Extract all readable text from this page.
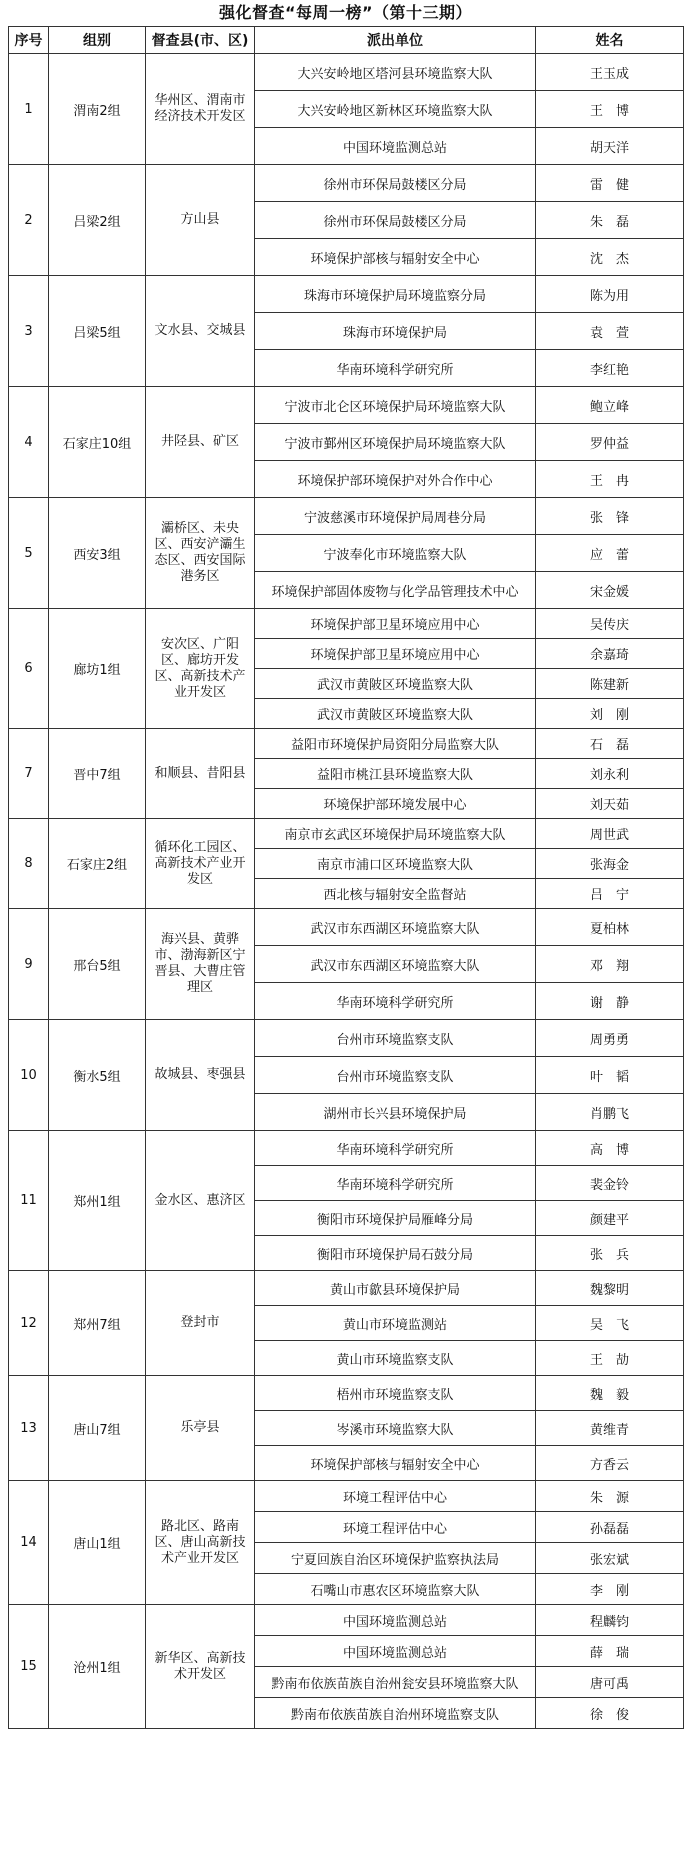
强化督查“每周一榜”（第十三期）
序号	组别	督查县(市、区)	派出单位	姓名
1	渭南2组	华州区、渭南市经济技术开发区	大兴安岭地区塔河县环境监察大队	王玉成
			大兴安岭地区新林区环境监察大队	王　博
			中国环境监测总站	胡天洋
2	吕梁2组	方山县	徐州市环保局鼓楼区分局	雷　健
			徐州市环保局鼓楼区分局	朱　磊
			环境保护部核与辐射安全中心	沈　杰
3	吕梁5组	文水县、交城县	珠海市环境保护局环境监察分局	陈为用
			珠海市环境保护局	袁　萱
			华南环境科学研究所	李红艳
4	石家庄10组	井陉县、矿区	宁波市北仑区环境保护局环境监察大队	鲍立峰
			宁波市鄞州区环境保护局环境监察大队	罗仲益
			环境保护部环境保护对外合作中心	王　冉
5	西安3组	灞桥区、未央区、西安浐灞生态区、西安国际港务区	宁波慈溪市环境保护局周巷分局	张　锋
			宁波奉化市环境监察大队	应　蕾
			环境保护部固体废物与化学品管理技术中心	宋金媛
6	廊坊1组	安次区、广阳区、廊坊开发区、高新技术产业开发区	环境保护部卫星环境应用中心	吴传庆
			环境保护部卫星环境应用中心	余嘉琦
			武汉市黄陂区环境监察大队	陈建新
			武汉市黄陂区环境监察大队	刘　刚
7	晋中7组	和顺县、昔阳县	益阳市环境保护局资阳分局监察大队	石　磊
			益阳市桃江县环境监察大队	刘永利
			环境保护部环境发展中心	刘天茹
8	石家庄2组	循环化工园区、高新技术产业开发区	南京市玄武区环境保护局环境监察大队	周世武
			南京市浦口区环境监察大队	张海金
			西北核与辐射安全监督站	吕　宁
9	邢台5组	海兴县、黄骅市、渤海新区宁晋县、大曹庄管理区	武汉市东西湖区环境监察大队	夏柏林
			武汉市东西湖区环境监察大队	邓　翔
			华南环境科学研究所	谢　静
10	衡水5组	故城县、枣强县	台州市环境监察支队	周勇勇
			台州市环境监察支队	叶　韬
			湖州市长兴县环境保护局	肖鹏飞
11	郑州1组	金水区、惠济区	华南环境科学研究所	高　博
			华南环境科学研究所	裴金铃
			衡阳市环境保护局雁峰分局	颜建平
			衡阳市环境保护局石鼓分局	张　兵
12	郑州7组	登封市	黄山市歙县环境保护局	魏黎明
			黄山市环境监测站	吴　飞
			黄山市环境监察支队	王　劼
13	唐山7组	乐亭县	梧州市环境监察支队	魏　毅
			岑溪市环境监察大队	黄维青
			环境保护部核与辐射安全中心	方香云
14	唐山1组	路北区、路南区、唐山高新技术产业开发区	环境工程评估中心	朱　源
			环境工程评估中心	孙磊磊
			宁夏回族自治区环境保护监察执法局	张宏斌
			石嘴山市惠农区环境监察大队	李　刚
15	沧州1组	新华区、高新技术开发区	中国环境监测总站	程麟钧
			中国环境监测总站	薛　瑞
			黔南布依族苗族自治州瓮安县环境监察大队	唐可禹
			黔南布依族苗族自治州环境监察支队	徐　俊
